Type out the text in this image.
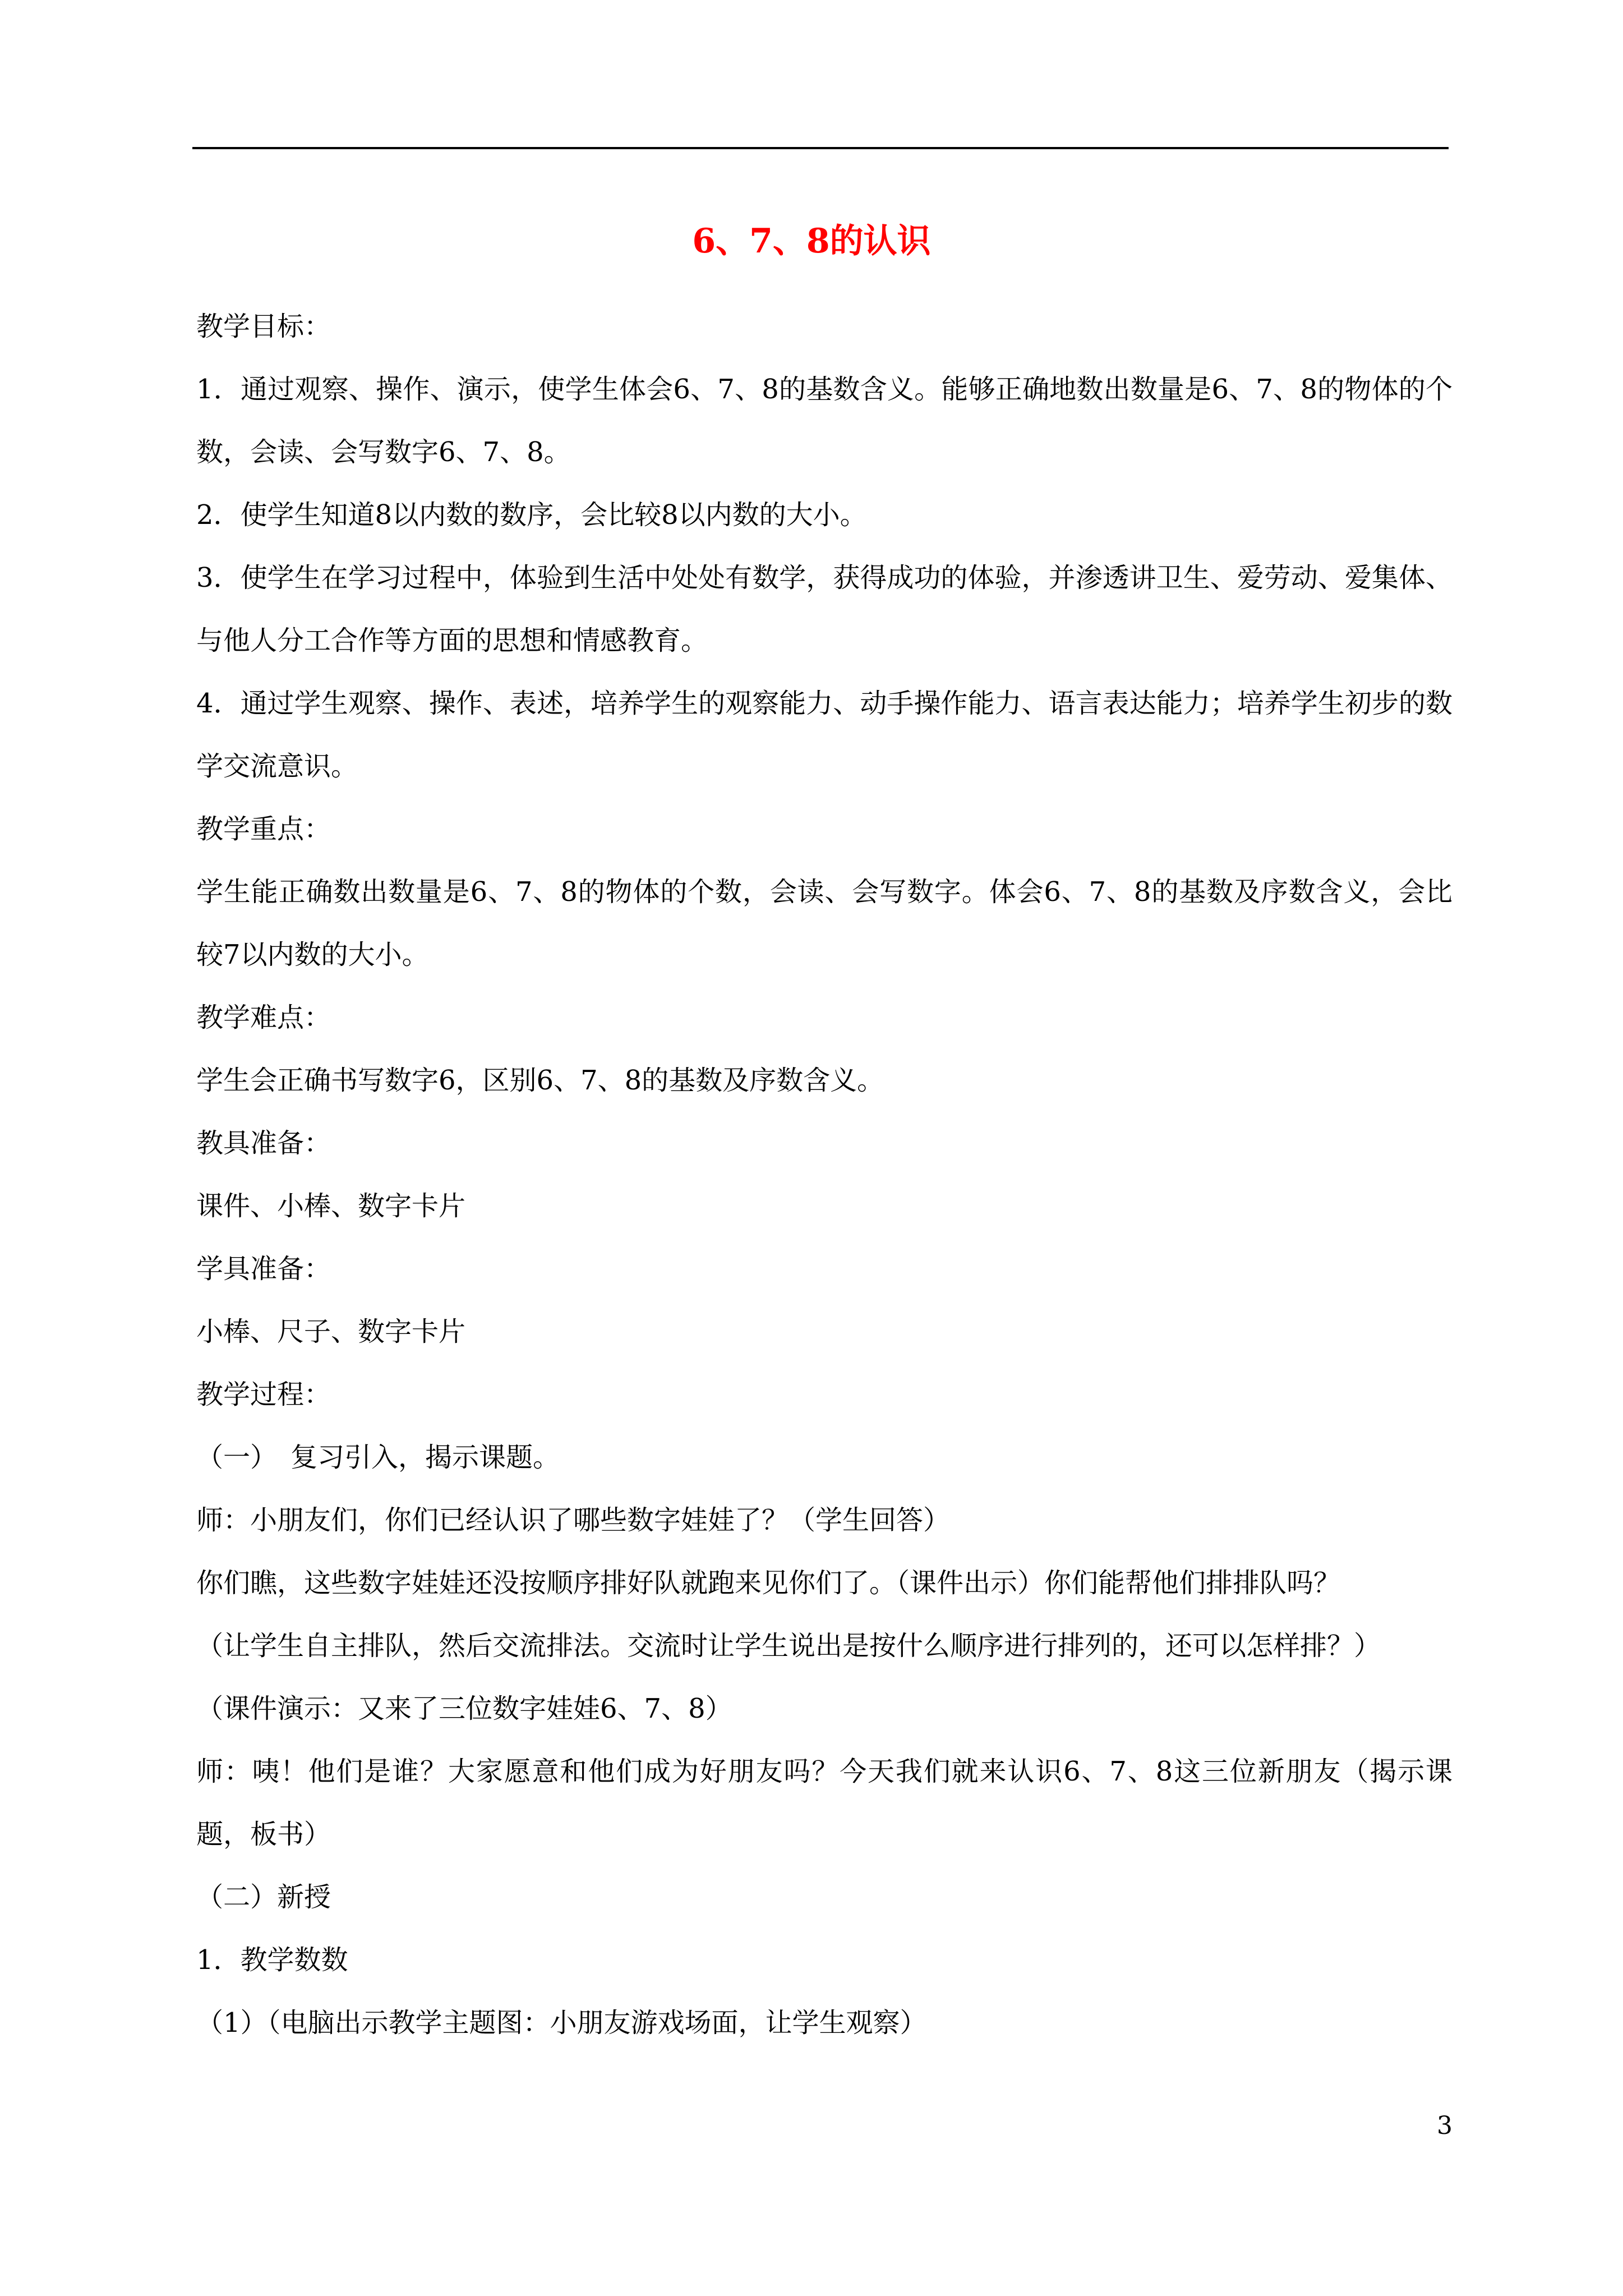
6、7、8的认识

教学目标：

1．通过观察、操作、演示，使学生体会6、7、8的基数含义。能够正确地数出数量是6、7、8的物体的个数，会读、会写数字6、7、8。

2．使学生知道8以内数的数序，会比较8以内数的大小。

3．使学生在学习过程中，体验到生活中处处有数学，获得成功的体验，并渗透讲卫生、爱劳动、爱集体、与他人分工合作等方面的思想和情感教育。

4．通过学生观察、操作、表述，培养学生的观察能力、动手操作能力、语言表达能力；培养学生初步的数学交流意识。

教学重点：

学生能正确数出数量是6、7、8的物体的个数，会读、会写数字。体会6、7、8的基数及序数含义，会比较7以内数的大小。

教学难点：

学生会正确书写数字6，区别6、7、8的基数及序数含义。

教具准备：

课件、小棒、数字卡片

学具准备：

小棒、尺子、数字卡片

教学过程：

（一）　复习引入，揭示课题。

师：小朋友们，你们已经认识了哪些数字娃娃了？（学生回答）

你们瞧，这些数字娃娃还没按顺序排好队就跑来见你们了。（课件出示）你们能帮他们排排队吗？

（让学生自主排队，然后交流排法。交流时让学生说出是按什么顺序进行排列的，还可以怎样排？）

（课件演示：又来了三位数字娃娃6、7、8）

师：咦！他们是谁？大家愿意和他们成为好朋友吗？今天我们就来认识6、7、8这三位新朋友（揭示课题，板书）

（二）新授

1．教学数数

（1）（电脑出示教学主题图：小朋友游戏场面，让学生观察）

3
